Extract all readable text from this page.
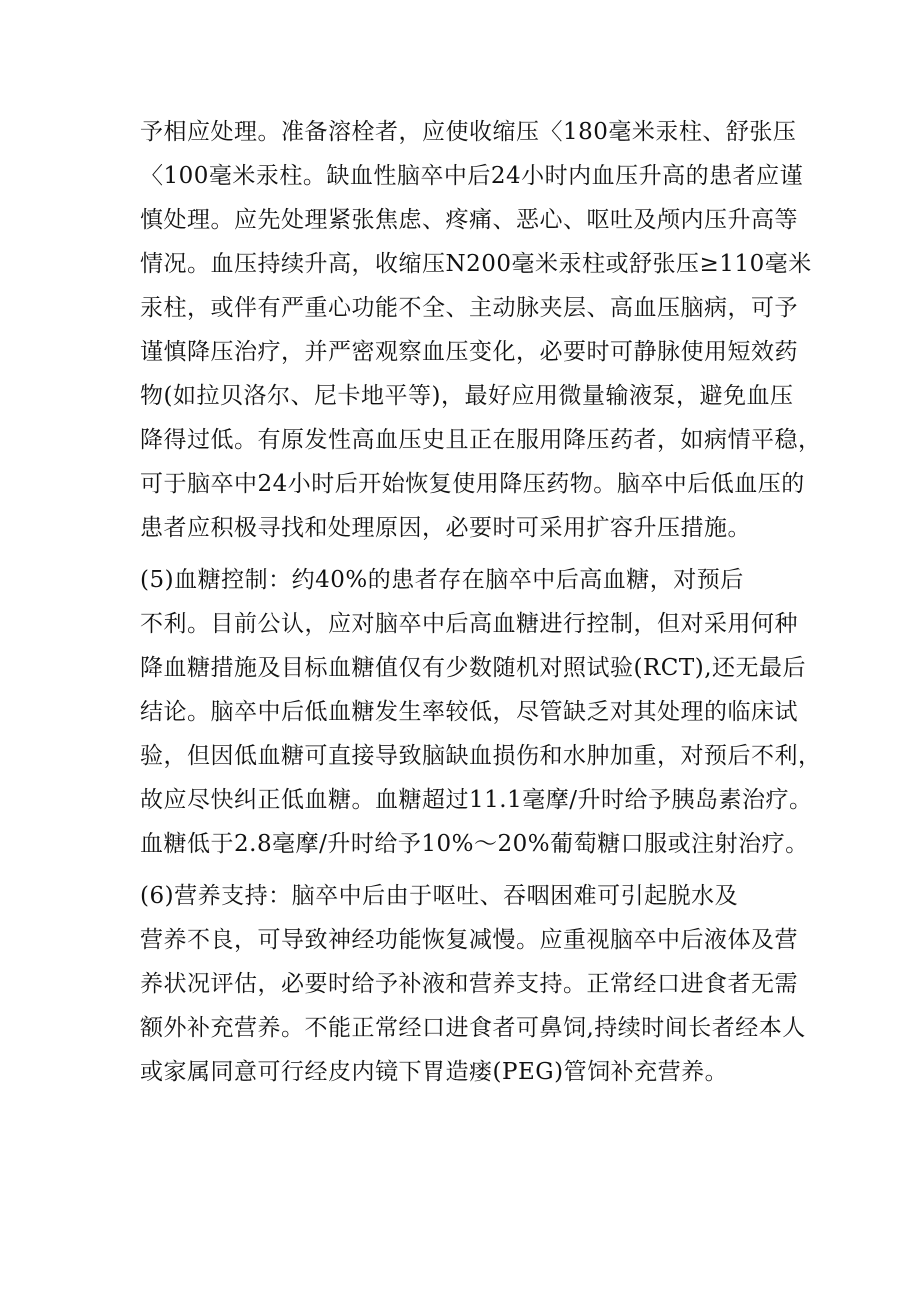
予相应处理。准备溶栓者，应使收缩压〈180毫米汞柱、舒张压
〈100毫米汞柱。缺血性脑卒中后24小时内血压升高的患者应谨
慎处理。应先处理紧张焦虑、疼痛、恶心、呕吐及颅内压升高等
情况。血压持续升高，收缩压N200毫米汞柱或舒张压≥110毫米
汞柱，或伴有严重心功能不全、主动脉夹层、高血压脑病，可予
谨慎降压治疗，并严密观察血压变化，必要时可静脉使用短效药
物(如拉贝洛尔、尼卡地平等)，最好应用微量输液泵，避免血压
降得过低。有原发性高血压史且正在服用降压药者，如病情平稳，
可于脑卒中24小时后开始恢复使用降压药物。脑卒中后低血压的
患者应积极寻找和处理原因，必要时可采用扩容升压措施。
(5)血糖控制：约40%的患者存在脑卒中后高血糖，对预后
不利。目前公认，应对脑卒中后高血糖进行控制，但对采用何种
降血糖措施及目标血糖值仅有少数随机对照试验(RCT),还无最后
结论。脑卒中后低血糖发生率较低，尽管缺乏对其处理的临床试
验，但因低血糖可直接导致脑缺血损伤和水肿加重，对预后不利，
故应尽快纠正低血糖。血糖超过11.1毫摩/升时给予胰岛素治疗。
血糖低于2.8毫摩/升时给予10%〜20%葡萄糖口服或注射治疗。
(6)营养支持：脑卒中后由于呕吐、吞咽困难可引起脱水及
营养不良，可导致神经功能恢复减慢。应重视脑卒中后液体及营
养状况评估，必要时给予补液和营养支持。正常经口进食者无需
额外补充营养。不能正常经口进食者可鼻饲,持续时间长者经本人
或家属同意可行经皮内镜下胃造瘘(PEG)管饲补充营养。
